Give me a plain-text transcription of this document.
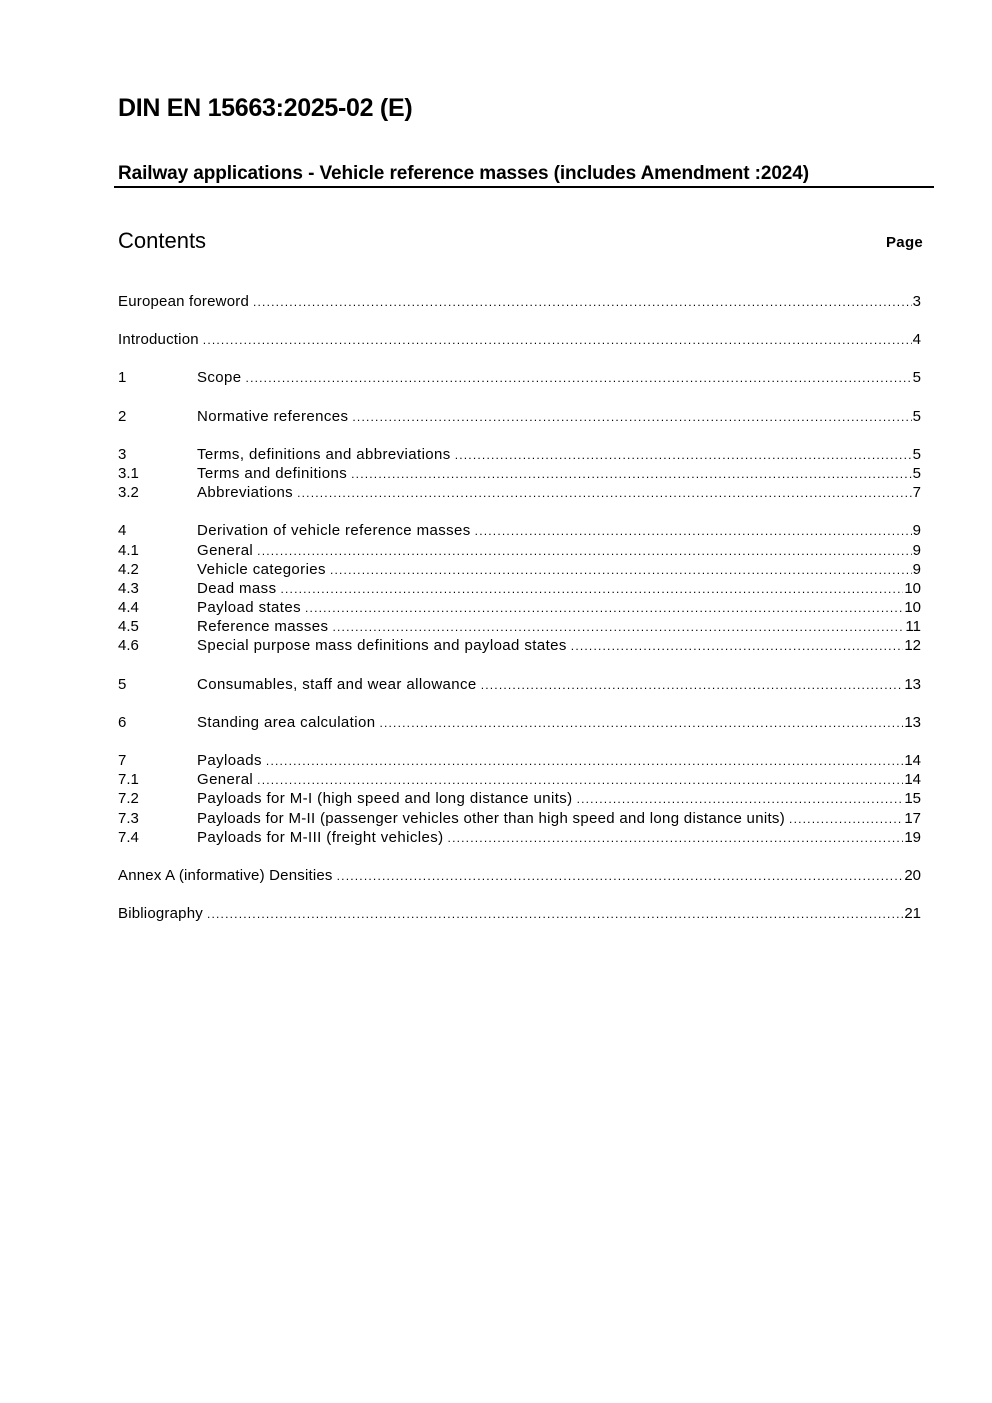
DIN EN 15663:2025-02 (E)
Railway applications - Vehicle reference masses (includes Amendment :2024)
Contents	Page
European foreword .....	3
Introduction .....	4
1	Scope .....	5
2	Normative references .....	5
3	Terms, definitions and abbreviations .....	5
3.1	Terms and definitions .....	5
3.2	Abbreviations .....	7
4	Derivation of vehicle reference masses .....	9
4.1	General .....	9
4.2	Vehicle categories .....	9
4.3	Dead mass .....	10
4.4	Payload states .....	10
4.5	Reference masses .....	11
4.6	Special purpose mass definitions and payload states .....	12
5	Consumables, staff and wear allowance .....	13
6	Standing area calculation .....	13
7	Payloads .....	14
7.1	General .....	14
7.2	Payloads for M-I (high speed and long distance units) .....	15
7.3	Payloads for M-II (passenger vehicles other than high speed and long distance units) .....	17
7.4	Payloads for M-III (freight vehicles) .....	19
Annex A (informative) Densities .....	20
Bibliography .....	21
